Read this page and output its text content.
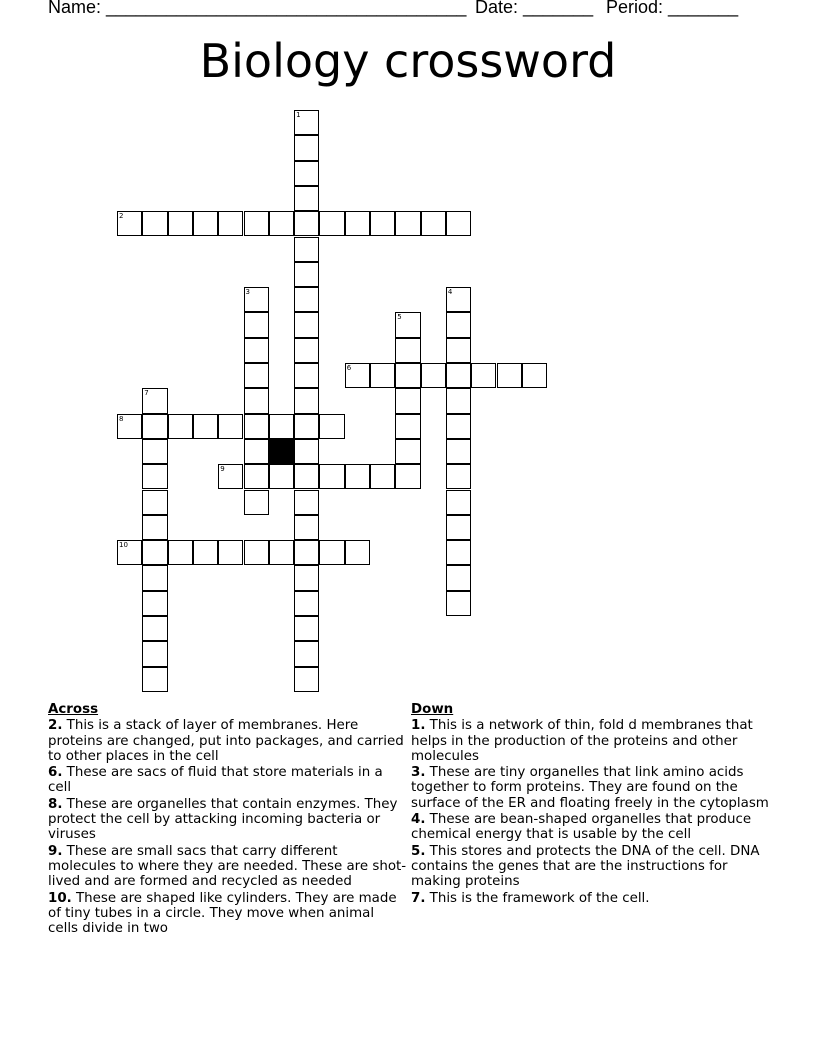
Name: ____________________________________ Date: _______ Period: _______
Biology crossword
1
2
3	4
5
6
7
8
9
10
Across
2. This is a stack of layer of membranes. Here proteins are changed, put into packages, and carried to other places in the cell
6. These are sacs of fluid that store materials in a cell
8. These are organelles that contain enzymes. They protect the cell by attacking incoming bacteria or viruses
9. These are small sacs that carry different molecules to where they are needed. These are shot-lived and are formed and recycled as needed
10. These are shaped like cylinders. They are made of tiny tubes in a circle. They move when animal cells divide in two
Down
1. This is a network of thin, fold d membranes that helps in the production of the proteins and other molecules
3. These are tiny organelles that link amino acids together to form proteins. They are found on the surface of the ER and floating freely in the cytoplasm
4. These are bean-shaped organelles that produce chemical energy that is usable by the cell
5. This stores and protects the DNA of the cell. DNA contains the genes that are the instructions for making proteins
7. This is the framework of the cell.
